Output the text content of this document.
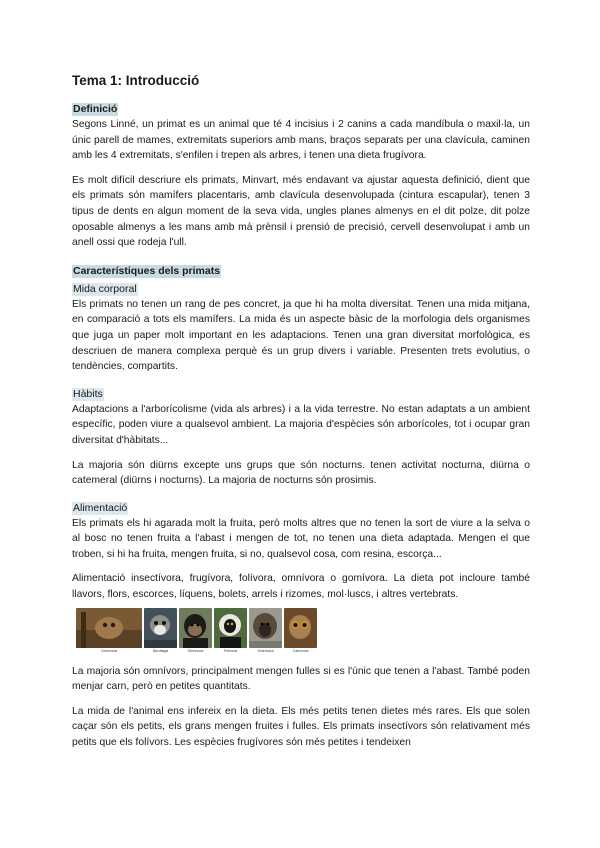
Tema 1: Introducció
Definició

Segons Linné, un primat es un animal que té 4 incisius i 2 canins a cada mandíbula o maxil·la, un únic parell de mames, extremitats superiors amb mans, braços separats per una clavícula, caminen amb les 4 extremitats, s'enfilen i trepen als arbres, i tenen una dieta frugívora.

Es molt difícil descriure els primats, Minvart, més endavant va ajustar aquesta definició, dient que els primats són mamífers placentaris, amb clavícula desenvolupada (cintura escapular), tenen 3 tipus de dents en algun moment de la seva vida, ungles planes almenys en el dit polze, dit polze oposable almenys a les mans amb mà prènsil i prensió de precisió, cervell desenvolupat i amb un anell ossi que rodeja l'ull.

Característiques dels primats
Mida corporal

Els primats no tenen un rang de pes concret, ja que hi ha molta diversitat. Tenen una mida mitjana, en comparació a tots els mamífers. La mida és un aspecte bàsic de la morfologia dels organismes que juga un paper molt important en les adaptacions. Tenen una gran diversitat morfològica, es descriuen de manera complexa perquè és un grup divers i variable. Presenten trets evolutius, o tendències, compartits.

Hàbits

Adaptacions a l'arborícolisme (vida als arbres) i a la vida terrestre. No estan adaptats a un ambient específic, poden viure a qualsevol ambient. La majoria d'espècies són arborícoles, tot i ocupar gran diversitat d'hàbitats...

La majoria són diürns excepte uns grups que són nocturns. tenen activitat nocturna, diürna o catemeral (diürns i nocturns). La majoria de nocturns són prosimis.

Alimentació

Els primats els hi agarada molt la fruita, però molts altres que no tenen la sort de viure a la selva o al bosc no tenen fruita a l'abast i mengen de tot, no tenen una dieta adaptada. Mengen el que troben, si hi ha fruita, mengen fruita, si no, qualsevol cosa, com resina, escorça...

Alimentació insectívora, frugívora, folívora, omnívora o gomívora. La dieta pot incloure també llavors, flors, escorces, líquens, bolets, arrels i rizomes, mol·luscs, i altres vertebrats.

Gomívora	Durofàgia	Omnívora	Folívora	Granívora	Carnívora

La majoria són omnívors, principalment mengen fulles si es l'únic que tenen a l'abast. També poden menjar carn, però en petites quantitats.

La mida de l'animal ens infereix en la dieta. Els més petits tenen dietes més rares. Els que solen caçar són els petits, els grans mengen fruites i fulles. Els primats insectívors són relativament més petits que els folívors. Les espècies frugívores són més petites i tendeixen
